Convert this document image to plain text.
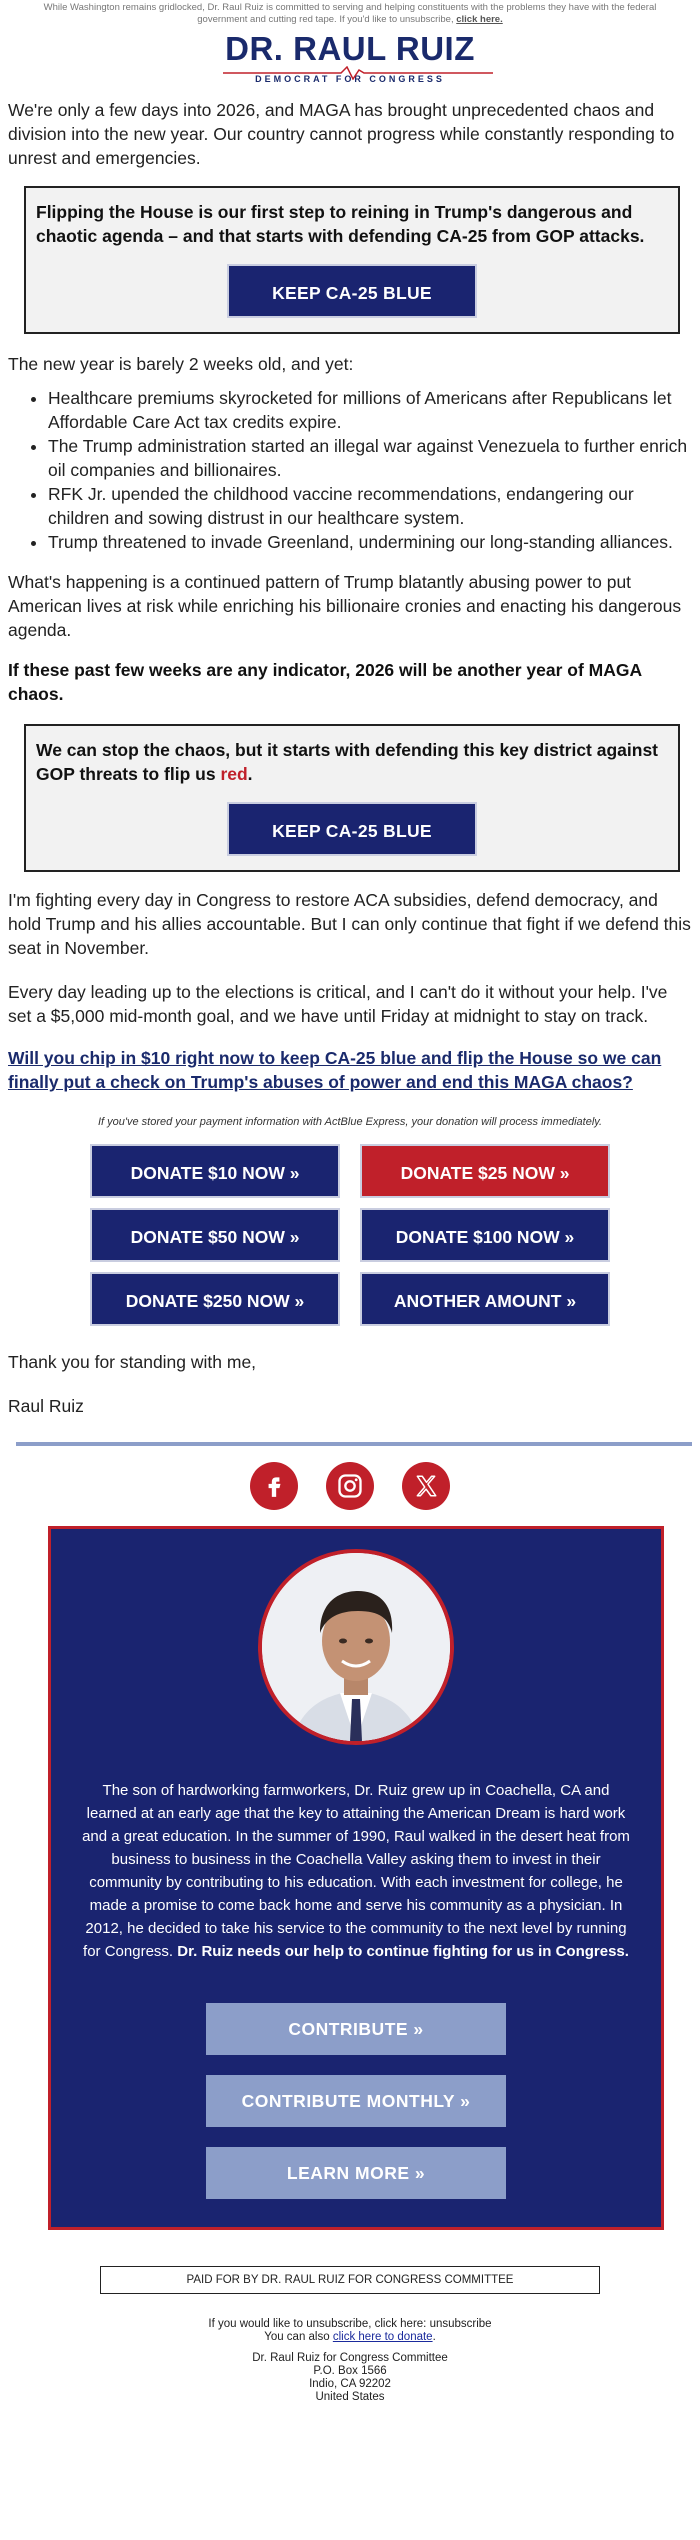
While Washington remains gridlocked, Dr. Raul Ruiz is committed to serving and helping constituents with the problems they have with the federal government and cutting red tape. If you'd like to unsubscribe, click here.
DR. RAUL RUIZ
DEMOCRAT FOR CONGRESS

We're only a few days into 2026, and MAGA has brought unprecedented chaos and division into the new year. Our country cannot progress while constantly responding to unrest and emergencies.

Flipping the House is our first step to reining in Trump's dangerous and chaotic agenda – and that starts with defending CA-25 from GOP attacks.
KEEP CA-25 BLUE

The new year is barely 2 weeks old, and yet:

• Healthcare premiums skyrocketed for millions of Americans after Republicans let Affordable Care Act tax credits expire.
• The Trump administration started an illegal war against Venezuela to further enrich oil companies and billionaires.
• RFK Jr. upended the childhood vaccine recommendations, endangering our children and sowing distrust in our healthcare system.
• Trump threatened to invade Greenland, undermining our long-standing alliances.

What's happening is a continued pattern of Trump blatantly abusing power to put American lives at risk while enriching his billionaire cronies and enacting his dangerous agenda.

If these past few weeks are any indicator, 2026 will be another year of MAGA chaos.

We can stop the chaos, but it starts with defending this key district against GOP threats to flip us red.
KEEP CA-25 BLUE

I'm fighting every day in Congress to restore ACA subsidies, defend democracy, and hold Trump and his allies accountable. But I can only continue that fight if we defend this seat in November.

Every day leading up to the elections is critical, and I can't do it without your help. I've set a $5,000 mid-month goal, and we have until Friday at midnight to stay on track.

Will you chip in $10 right now to keep CA-25 blue and flip the House so we can finally put a check on Trump's abuses of power and end this MAGA chaos?

If you've stored your payment information with ActBlue Express, your donation will process immediately.
DONATE $10 NOW »	DONATE $25 NOW »
DONATE $50 NOW »	DONATE $100 NOW »
DONATE $250 NOW »	ANOTHER AMOUNT »

Thank you for standing with me,

Raul Ruiz

The son of hardworking farmworkers, Dr. Ruiz grew up in Coachella, CA and learned at an early age that the key to attaining the American Dream is hard work and a great education. In the summer of 1990, Raul walked in the desert heat from business to business in the Coachella Valley asking them to invest in their community by contributing to his education. With each investment for college, he made a promise to come back home and serve his community as a physician. In 2012, he decided to take his service to the community to the next level by running for Congress. Dr. Ruiz needs our help to continue fighting for us in Congress.
CONTRIBUTE »
CONTRIBUTE MONTHLY »
LEARN MORE »
PAID FOR BY DR. RAUL RUIZ FOR CONGRESS COMMITTEE
If you would like to unsubscribe, click here: unsubscribe
You can also click here to donate.
Dr. Raul Ruiz for Congress Committee
P.O. Box 1566
Indio, CA 92202
United States
